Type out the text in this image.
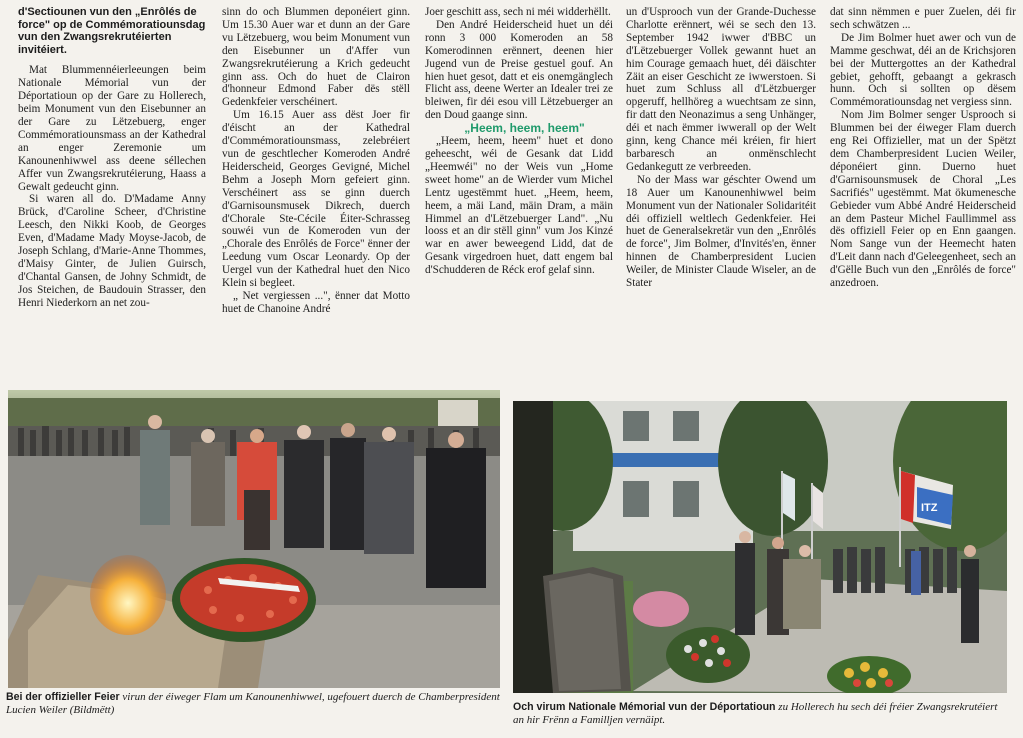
d'Sectiounen vun den „Enrôlés de force" op de Commémoratiounsdag vun den Zwangsrekrutéierten invitéiert.

Mat Blummennéierleeungen beim Nationale Mémorial vun der Déportatioun op der Gare zu Hollerech, beim Monument vun den Eisebunner an der Gare zu Lëtzebuerg, enger Commémoratiounsmass an der Kathedral an enger Zeremonie um Kanounenhiwwel ass deene séllechen Affer vun Zwangsrekrutéierung, Haass a Gewalt gedeucht ginn.

Si waren all do. D'Madame Anny Brück, d'Caroline Scheer, d'Christine Leesch, den Nikki Koob, de Georges Even, d'Madame Mady Moyse-Jacob, de Joseph Schlang, d'Marie-Anne Thommes, d'Maisy Ginter, de Julien Guirsch, d'Chantal Gansen, de Johny Schmidt, de Jos Steichen, de Baudouin Strasser, den Henri Niederkorn an net zou-

sinn do och Blummen deponéiert ginn. Um 15.30 Auer war et dunn an der Gare vu Lëtzebuerg, wou beim Monument vun den Eisebunner un d'Affer vun Zwangsrekrutéierung a Krich gedeucht ginn ass. Och do huet de Clairon d'honneur Edmond Faber dës stëll Gedenkfeier verschéinert.

Um 16.15 Auer ass dëst Joer fir d'éischt an der Kathedral d'Commémoratiounsmass, zelebréiert vun de geschtlecher Komeroden André Heiderscheid, Georges Gevigné, Michel Behm a Joseph Morn gefeiert ginn. Verschéinert ass se ginn duerch d'Garnisounsmusek Dikrech, duerch d'Chorale Ste-Cécile Éiter-Schrasseg souwéi vun de Komeroden vun der „Chorale des Enrôlés de Force" ënner der Leedung vum Oscar Leonardy. Op der Uergel vun der Kathedral huet den Nico Klein si begleet.

„ Net vergiessen ...", ënner dat Motto huet de Chanoine André

Joer geschitt ass, sech ni méi widderhëllt.

Den André Heiderscheid huet un déi ronn 3 000 Komeroden an 58 Komerodinnen erënnert, deenen hier Jugend vun de Preise gestuel gouf. An hien huet gesot, datt et eis onemgänglech Flicht ass, deene Werter an Idealer trei ze bleiwen, fir déi esou vill Lëtzebuerger an den Doud gaange sinn.

„Heem, heem, heem"

„Heem, heem, heem" huet et dono geheescht, wéi de Gesank dat Lidd „Heemwéi" no der Weis vun „Home sweet home" an de Wierder vum Michel Lentz ugestëmmt huet. „Heem, heem, heem, a mäi Land, mäin Dram, a mäin Himmel an d'Lëtzebuerger Land". „Nu looss et an dir stëll ginn" vum Jos Kinzé war en awer beweegend Lidd, dat de Gesank virgedroen huet, datt engem bal d'Schudderen de Réck erof gelaf sinn.

un d'Usprooch vun der Grande-Duchesse Charlotte erënnert, wéi se sech den 13. September 1942 iwwer d'BBC un d'Lëtzebuerger Vollek gewannt huet an him Courage gemaach huet, déi däischter Zäit an eiser Geschicht ze iwwerstoen. Si huet zum Schluss all d'Lëtzbuerger opgeruff, hellhöreg a wuechtsam ze sinn, fir datt den Neonazimus a seng Unhänger, déi et nach ëmmer iwwerall op der Welt ginn, keng Chance méi kréien, fir hiert barbaresch an onmënschlecht Gedankegutt ze verbreeden.

No der Mass war géschter Owend um 18 Auer um Kanounenhiwwel beim Monument vun der Nationaler Solidaritéit déi offiziell weltlech Gedenkfeier. Hei huet de Generalsekretär vun den „Enrôlés de force", Jim Bolmer, d'Invités'en, ënner hinnen de Chamberpresident Lucien Weiler, de Minister Claude Wiseler, an de Stater

dat sinn nëmmen e puer Zuelen, déi fir sech schwätzen ...

De Jim Bolmer huet awer och vun de Mamme geschwat, déi an de Krichsjoren bei der Muttergottes an der Kathedral gebiet, gehofft, gebaangt a gekrasch hunn. Och si sollten op dësem Commémoratiounsdag net vergiess sinn.

Nom Jim Bolmer senger Usprooch si Blummen bei der éiweger Flam duerch eng Rei Offizieller, mat un der Spëtzt dem Chamberpresident Lucien Weiler, déponéiert ginn. Duerno huet d'Garnisounsmusek de Choral „Les Sacrifiés" ugestëmmt. Mat ökumenesche Gebieder vum Abbé André Heiderscheid an dem Pasteur Michel Faullimmel ass dës offiziell Feier op en Enn gaangen. Nom Sange vun der Heemecht haten d'Leit dann nach d'Geleegenheet, sech an d'Gëlle Buch vun den „Enrôlés de force" anzedroen.

ITZ
Bei der offizieller Feier virun der éiweger Flam um Kanounenhiwwel, ugefouert duerch de Chamberpresident Lucien Weiler (Bildmëtt)	Och virum Nationale Mémorial vun der Déportatioun zu Hollerech hu sech déi fréier Zwangsrekrutéiert an hir Frënn a Familljen vernäipt.
